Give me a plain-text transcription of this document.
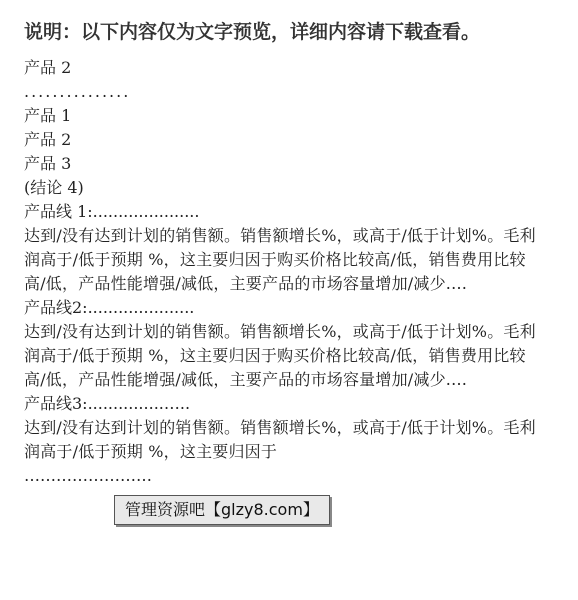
说明：以下内容仅为文字预览，详细内容请下载查看。

产品 2

...............

产品 1

产品 2

产品 3

(结论 4)

产品线 1:.....................

达到/没有达到计划的销售额。销售额增长%，或高于/低于计划%。毛利润高于/低于预期 %，这主要归因于购买价格比较高/低，销售费用比较高/低，产品性能增强/减低，主要产品的市场容量增加/减少.…

产品线2:.....................

达到/没有达到计划的销售额。销售额增长%，或高于/低于计划%。毛利润高于/低于预期 %，这主要归因于购买价格比较高/低，销售费用比较高/低，产品性能增强/减低，主要产品的市场容量增加/减少.…

产品线3:...............…..

达到/没有达到计划的销售额。销售额增长%，或高于/低于计划%。毛利润高于/低于预期 %，这主要归因于

……………………

管理资源吧【glzy8.com】
